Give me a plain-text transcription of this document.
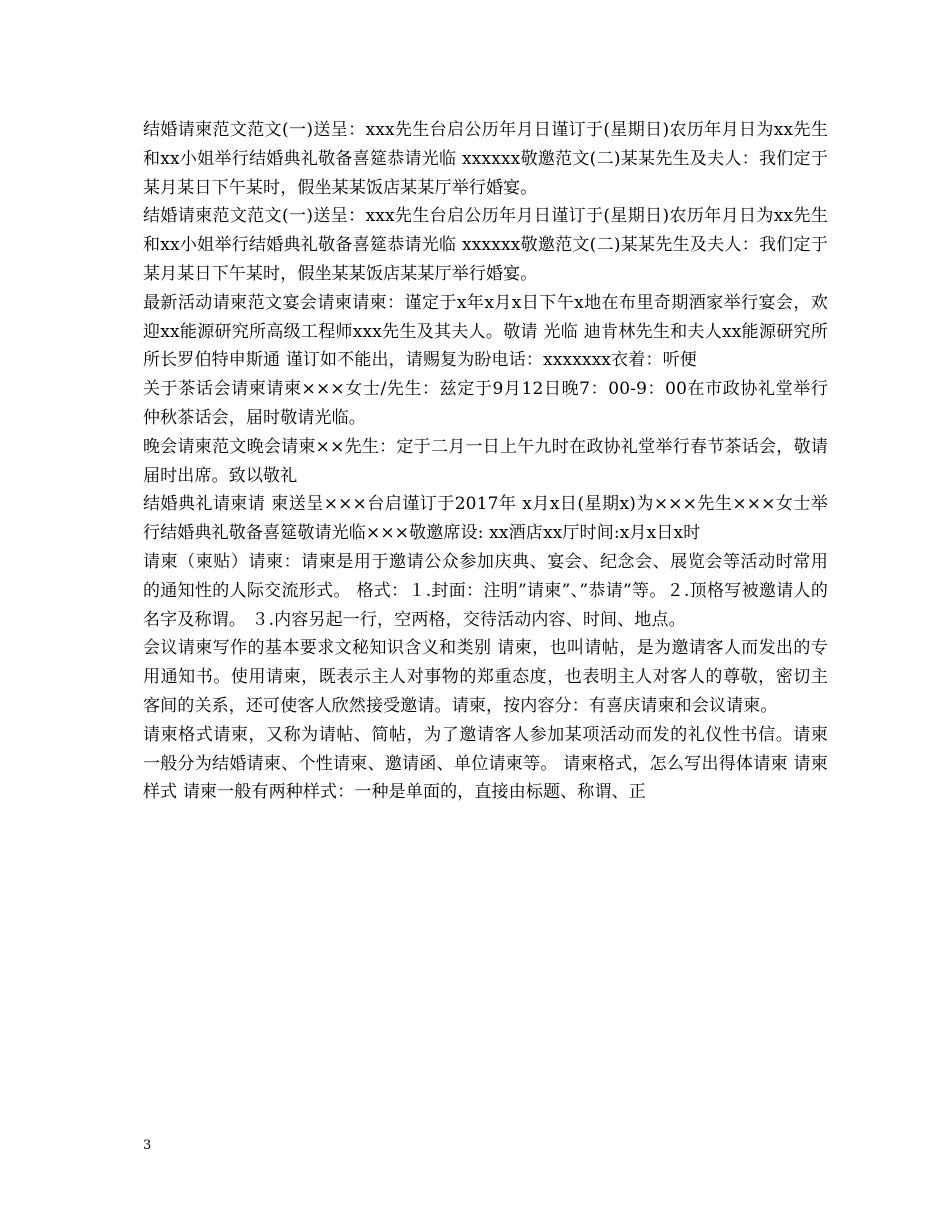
结婚请柬范文范文(一)送呈：xxx先生台启公历年月日谨订于(星期日)农历年月日为xx先生和xx小姐举行结婚典礼敬备喜筵恭请光临 xxxxxx敬邀范文(二)某某先生及夫人：我们定于某月某日下午某时，假坐某某饭店某某厅举行婚宴。

结婚请柬范文范文(一)送呈：xxx先生台启公历年月日谨订于(星期日)农历年月日为xx先生和xx小姐举行结婚典礼敬备喜筵恭请光临 xxxxxx敬邀范文(二)某某先生及夫人：我们定于某月某日下午某时，假坐某某饭店某某厅举行婚宴。

最新活动请柬范文宴会请柬请柬：谨定于x年x月x日下午x地在布里奇期酒家举行宴会，欢迎xx能源研究所高级工程师xxx先生及其夫人。敬请 光临 迪肯林先生和夫人xx能源研究所所长罗伯特申斯通 谨订如不能出，请赐复为盼电话：xxxxxxx衣着：听便

关于茶话会请柬请柬×××女士/先生：兹定于9月12日晚7：00-9：00在市政协礼堂举行仲秋茶话会，届时敬请光临。

晚会请柬范文晚会请柬××先生：定于二月一日上午九时在政协礼堂举行春节茶话会，敬请届时出席。致以敬礼

结婚典礼请柬请 柬送呈×××台启谨订于2017年 x月x日(星期x)为×××先生×××女士举行结婚典礼敬备喜筵敬请光临×××敬邀席设: xx酒店xx厅时间:x月x日x时

请柬（柬贴）请柬：请柬是用于邀请公众参加庆典、宴会、纪念会、展览会等活动时常用的通知性的人际交流形式。 格式：１.封面：注明”请柬”、”恭请”等。２.顶格写被邀请人的名字及称谓。 ３.内容另起一行，空两格，交待活动内容、时间、地点。

会议请柬写作的基本要求文秘知识含义和类别 请柬，也叫请帖，是为邀请客人而发出的专用通知书。使用请柬，既表示主人对事物的郑重态度，也表明主人对客人的尊敬，密切主客间的关系，还可使客人欣然接受邀请。请柬，按内容分：有喜庆请柬和会议请柬。

请柬格式请柬，又称为请帖、简帖，为了邀请客人参加某项活动而发的礼仪性书信。请柬一般分为结婚请柬、个性请柬、邀请函、单位请柬等。 请柬格式，怎么写出得体请柬 请柬样式 请柬一般有两种样式：一种是单面的，直接由标题、称谓、正

3
